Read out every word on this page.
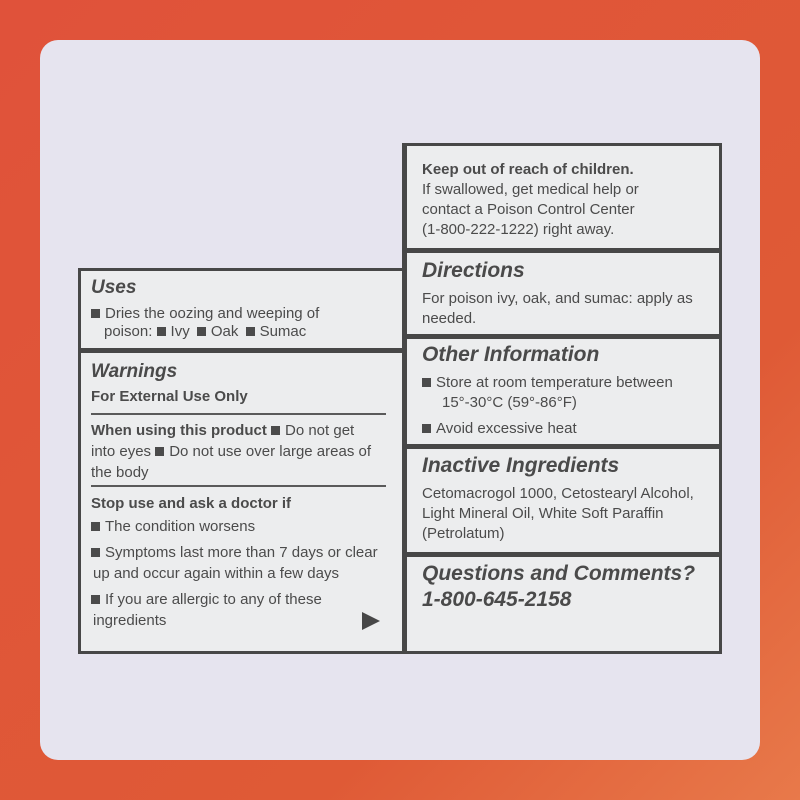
Uses
Dries the oozing and weeping of
poison: Ivy Oak Sumac
Warnings
For External Use Only
When using this product Do not get
into eyes Do not use over large areas of
the body
Stop use and ask a doctor if
The condition worsens
Symptoms last more than 7 days or clear
up and occur again within a few days
If you are allergic to any of these
ingredients
Keep out of reach of children.
If swallowed, get medical help or
contact a Poison Control Center
(1-800-222-1222) right away.
Directions
For poison ivy, oak, and sumac: apply as
needed.
Other Information
Store at room temperature between
15°-30°C (59°-86°F)
Avoid excessive heat
Inactive Ingredients
Cetomacrogol 1000, Cetostearyl Alcohol,
Light Mineral Oil, White Soft Paraffin
(Petrolatum)
Questions and Comments?
1-800-645-2158
